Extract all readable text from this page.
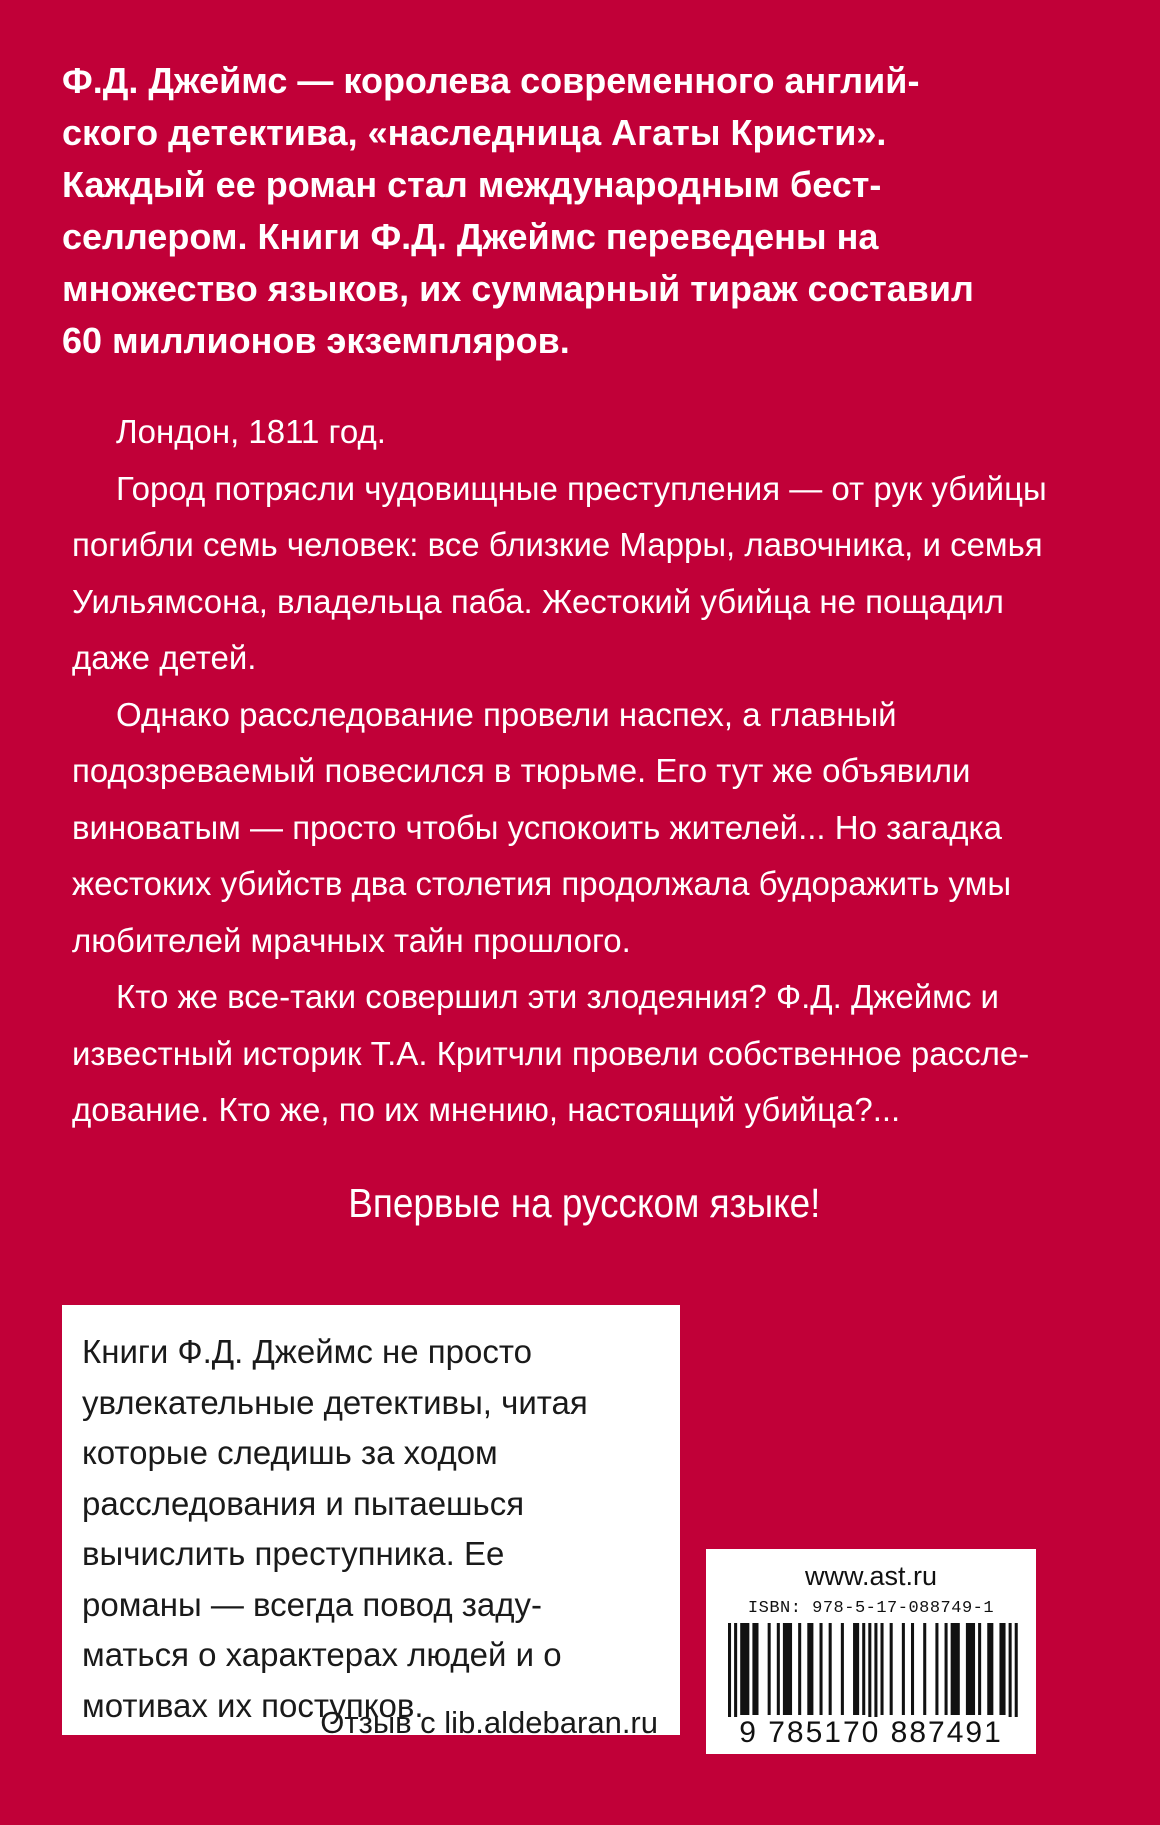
Ф.Д. Джеймс — королева современного англий-
ского детектива, «наследница Агаты Кристи».
Каждый ее роман стал международным бест-
селлером. Книги Ф.Д. Джеймс переведены на
множество языков, их суммарный тираж составил
60 миллионов экземпляров.
Лондон, 1811 год.
Город потрясли чудовищные преступления — от рук убийцы
погибли семь человек: все близкие Марры, лавочника, и семья
Уильямсона, владельца паба. Жестокий убийца не пощадил
даже детей.
Однако расследование провели наспех, а главный
подозреваемый повесился в тюрьме. Его тут же объявили
виноватым — просто чтобы успокоить жителей... Но загадка
жестоких убийств два столетия продолжала будоражить умы
любителей мрачных тайн прошлого.
Кто же все-таки совершил эти злодеяния? Ф.Д. Джеймс и
известный историк Т.А. Критчли провели собственное рассле-
дование. Кто же, по их мнению, настоящий убийца?...
Впервые на русском языке!
Книги Ф.Д. Джеймс не просто
увлекательные детективы, читая
которые следишь за ходом
расследования и пытаешься
вычислить преступника. Ее
романы — всегда повод заду-
маться о характерах людей и о
мотивах их поступков.
Отзыв с lib.aldebaran.ru
www.ast.ru
ISBN: 978-5-17-088749-1
9 785170 887491
